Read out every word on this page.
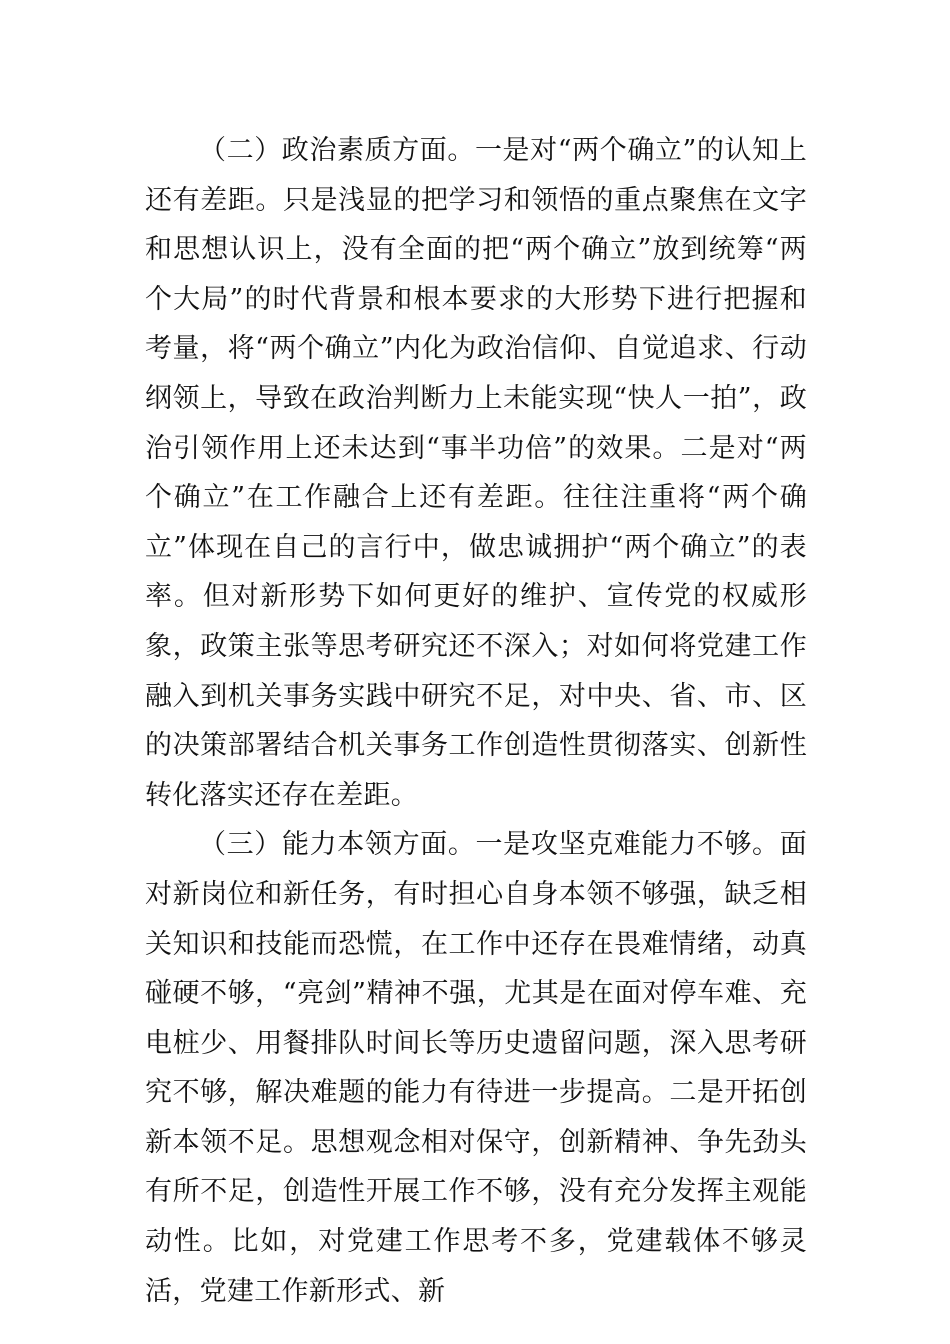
（二）政治素质方面。一是对“两个确立”的认知上还有差距。只是浅显的把学习和领悟的重点聚焦在文字和思想认识上，没有全面的把“两个确立”放到统筹“两个大局”的时代背景和根本要求的大形势下进行把握和考量，将“两个确立”内化为政治信仰、自觉追求、行动纲领上，导致在政治判断力上未能实现“快人一拍”，政治引领作用上还未达到“事半功倍”的效果。二是对“两个确立”在工作融合上还有差距。往往注重将“两个确立”体现在自己的言行中，做忠诚拥护“两个确立”的表率。但对新形势下如何更好的维护、宣传党的权威形象，政策主张等思考研究还不深入；对如何将党建工作融入到机关事务实践中研究不足，对中央、省、市、区的决策部署结合机关事务工作创造性贯彻落实、创新性转化落实还存在差距。

（三）能力本领方面。一是攻坚克难能力不够。面对新岗位和新任务，有时担心自身本领不够强，缺乏相关知识和技能而恐慌，在工作中还存在畏难情绪，动真碰硬不够，“亮剑”精神不强，尤其是在面对停车难、充电桩少、用餐排队时间长等历史遗留问题，深入思考研究不够，解决难题的能力有待进一步提高。二是开拓创新本领不足。思想观念相对保守，创新精神、争先劲头有所不足，创造性开展工作不够，没有充分发挥主观能动性。比如，对党建工作思考不多，党建载体不够灵活，党建工作新形式、新
